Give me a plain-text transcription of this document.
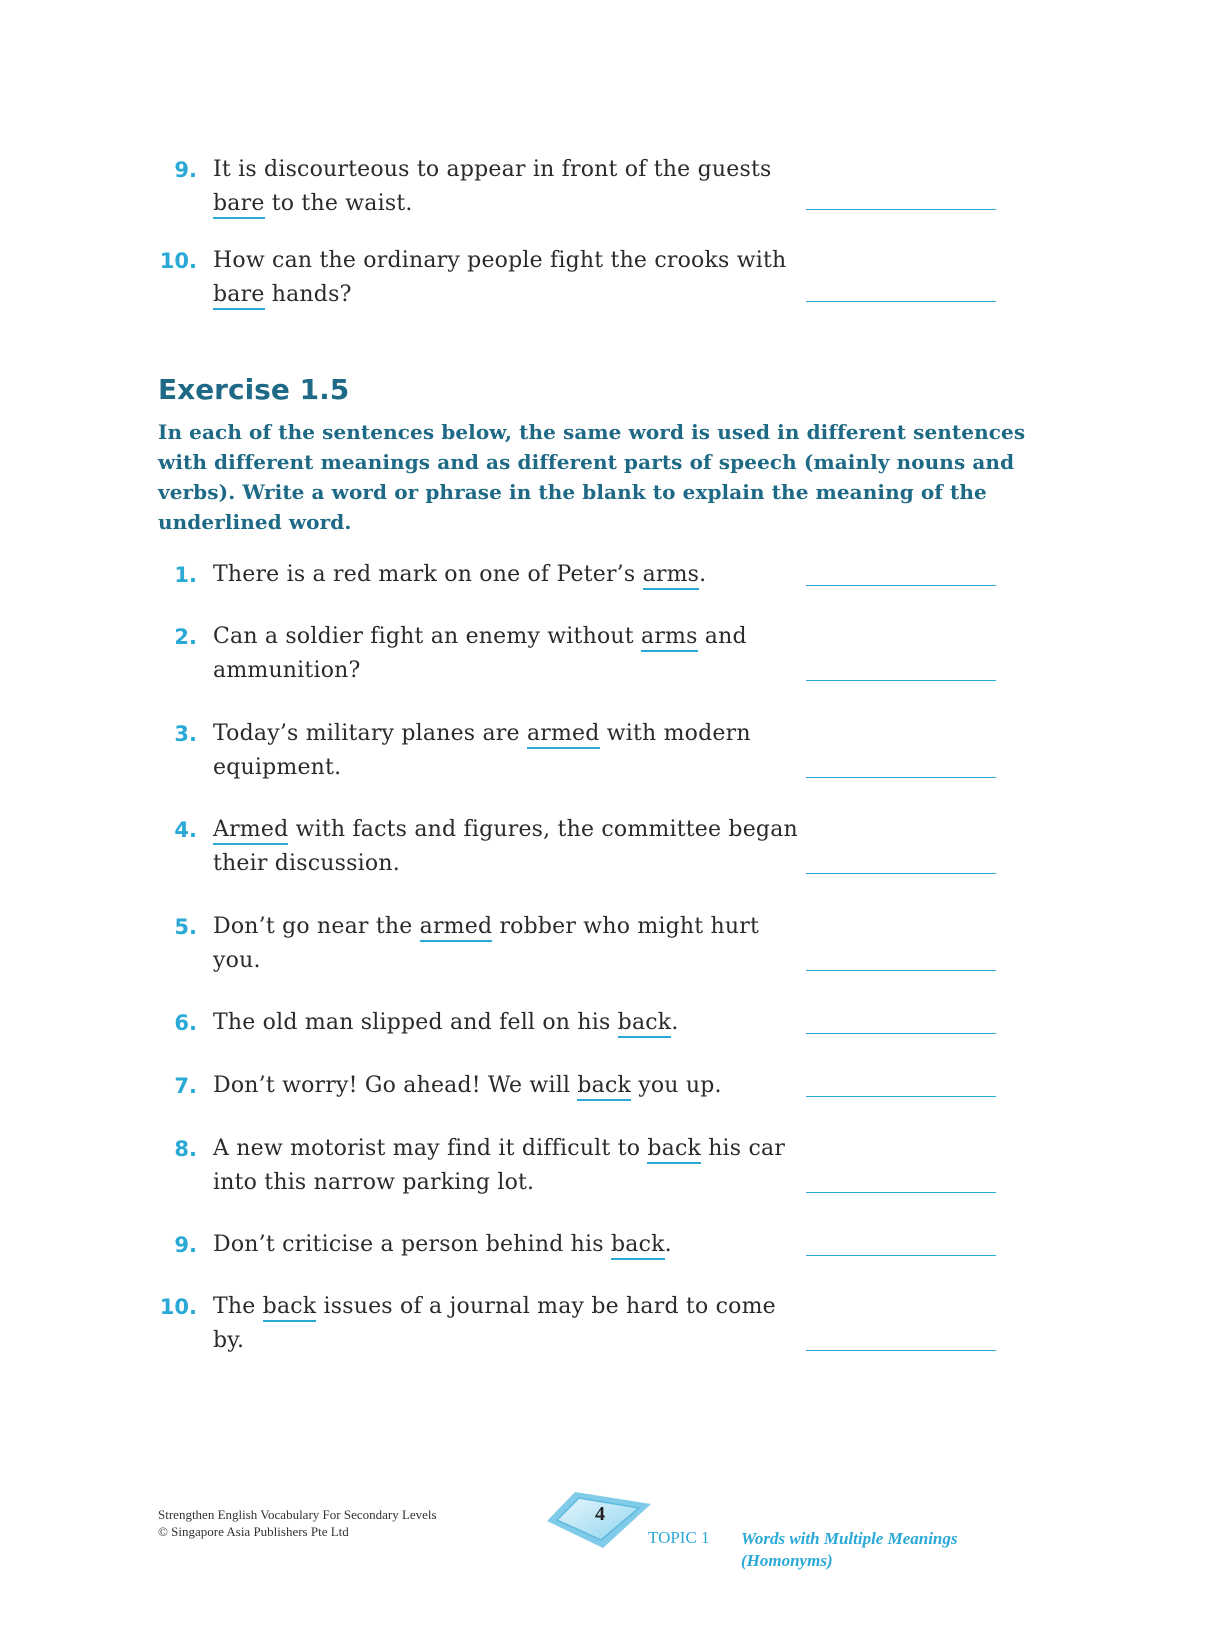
9. It is discourteous to appear in front of the guests bare to the waist.
10. How can the ordinary people fight the crooks with bare hands?
Exercise 1.5
In each of the sentences below, the same word is used in different sentences with different meanings and as different parts of speech (mainly nouns and verbs). Write a word or phrase in the blank to explain the meaning of the underlined word.
1. There is a red mark on one of Peter’s arms.
2. Can a soldier fight an enemy without arms and ammunition?
3. Today’s military planes are armed with modern equipment.
4. Armed with facts and figures, the committee began their discussion.
5. Don’t go near the armed robber who might hurt you.
6. The old man slipped and fell on his back.
7. Don’t worry! Go ahead! We will back you up.
8. A new motorist may find it difficult to back his car into this narrow parking lot.
9. Don’t criticise a person behind his back.
10. The back issues of a journal may be hard to come by.
Strengthen English Vocabulary For Secondary Levels
© Singapore Asia Publishers Pte Ltd
4
TOPIC 1 Words with Multiple Meanings (Homonyms)
